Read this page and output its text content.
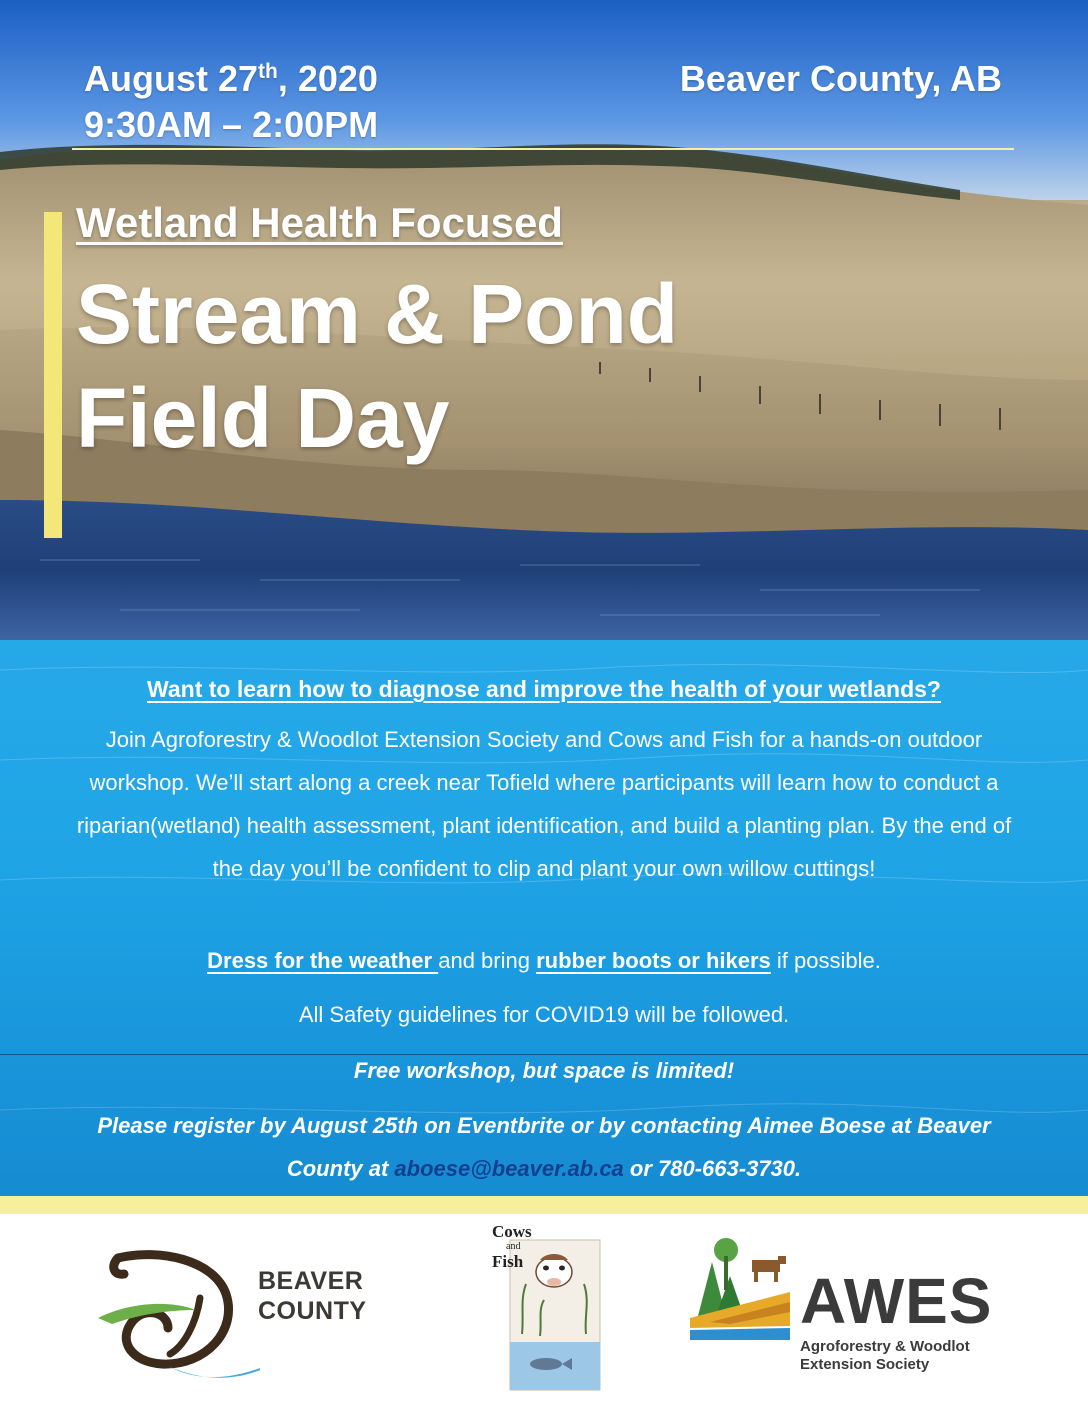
August 27th, 2020
9:30AM – 2:00PM
Beaver County, AB
Wetland Health Focused
Stream & Pond
Field Day
Want to learn how to diagnose and improve the health of your wetlands?
Join Agroforestry & Woodlot Extension Society and Cows and Fish for a hands-on outdoor workshop. We’ll start along a creek near Tofield where participants will learn how to conduct a riparian(wetland) health assessment, plant identification, and build a planting plan. By the end of the day you’ll be confident to clip and plant your own willow cuttings!
Dress for the weather and bring rubber boots or hikers if possible.
All Safety guidelines for COVID19 will be followed.
Free workshop, but space is limited!
Please register by August 25th on Eventbrite or by contacting Aimee Boese at Beaver County at aboese@beaver.ab.ca or 780-663-3730.
BEAVER
COUNTY
Cows
and
Fish
AWES
Agroforestry & Woodlot
Extension Society
